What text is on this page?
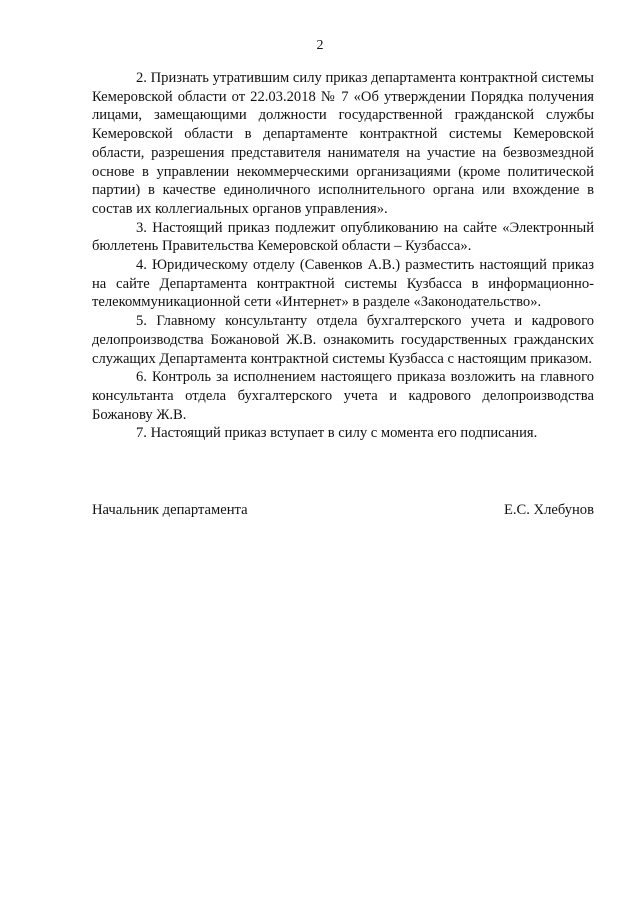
2

2. Признать утратившим силу приказ департамента контрактной системы Кемеровской области от 22.03.2018 № 7 «Об утверждении Порядка получения лицами, замещающими должности государственной гражданской службы Кемеровской области в департаменте контрактной системы Кемеровской области, разрешения представителя нанимателя на участие на безвозмездной основе в управлении некоммерческими организациями (кроме политической партии) в качестве единоличного исполнительного органа или вхождение в состав их коллегиальных органов управления».

3. Настоящий приказ подлежит опубликованию на сайте «Электронный бюллетень Правительства Кемеровской области – Кузбасса».

4. Юридическому отделу (Савенков А.В.) разместить настоящий приказ на сайте Департамента контрактной системы Кузбасса в информационно-телекоммуникационной сети «Интернет» в разделе «Законодательство».

5. Главному консультанту отдела бухгалтерского учета и кадрового делопроизводства Божановой Ж.В. ознакомить государственных гражданских служащих Департамента контрактной системы Кузбасса с настоящим приказом.

6. Контроль за исполнением настоящего приказа возложить на главного консультанта отдела бухгалтерского учета и кадрового делопроизводства Божанову Ж.В.

7. Настоящий приказ вступает в силу с момента его подписания.

Начальник департамента	Е.С. Хлебунов
